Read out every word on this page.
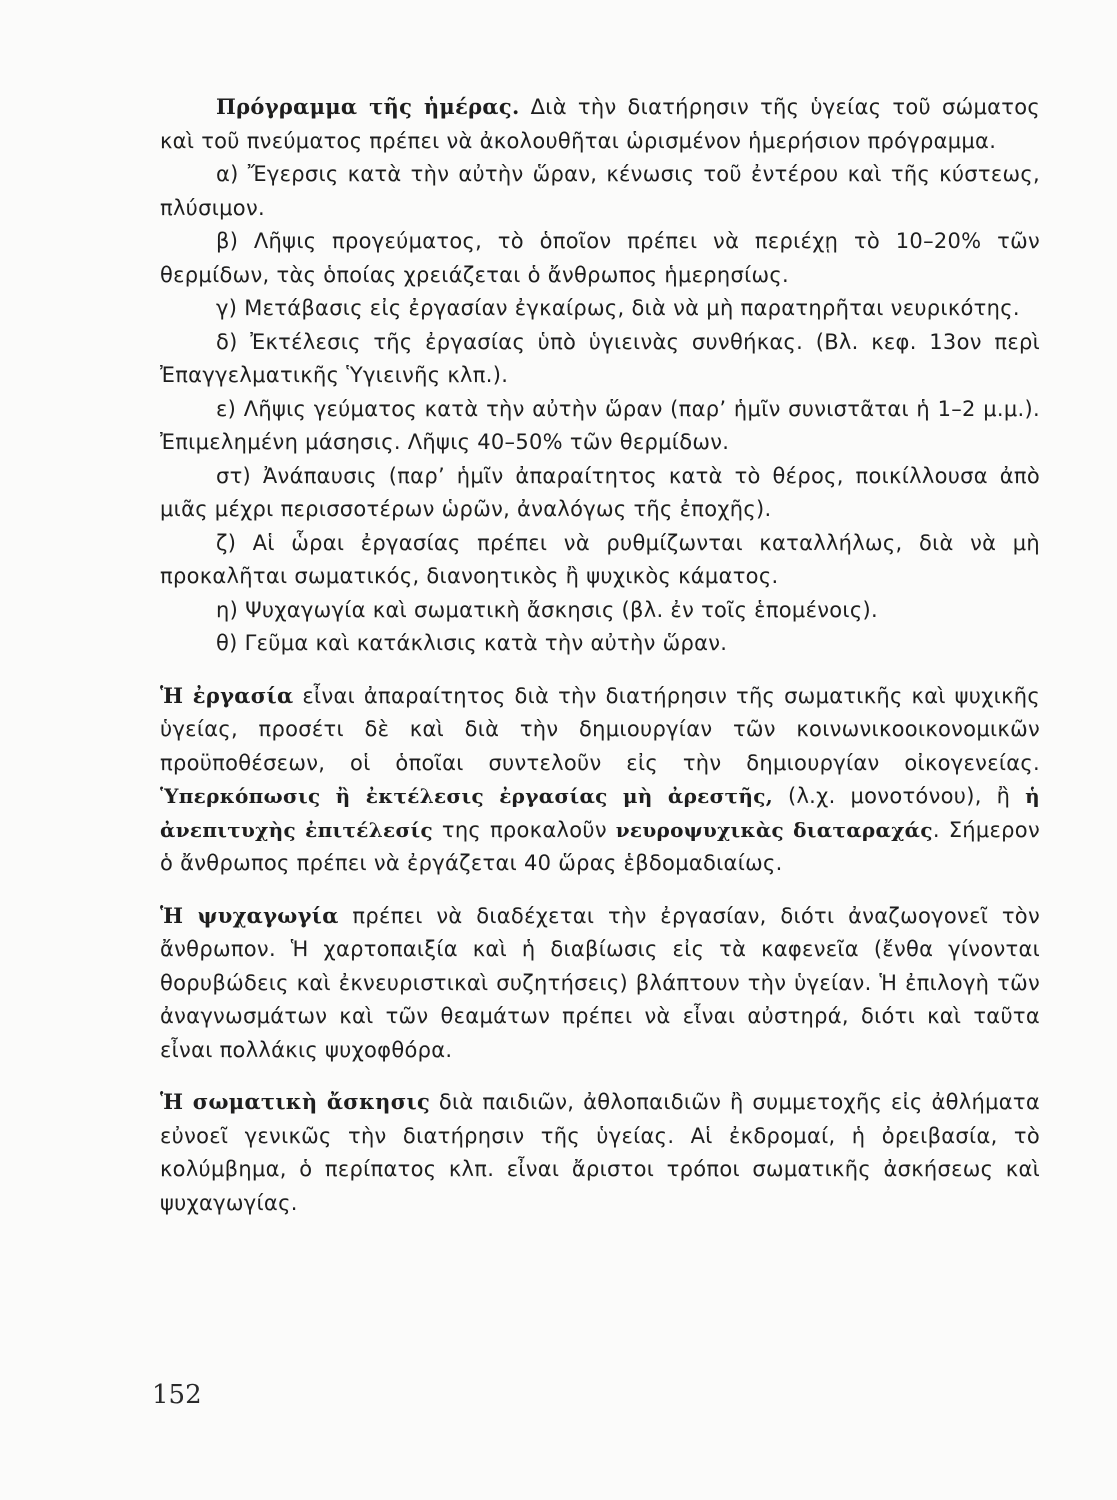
Πρόγραμμα τῆς ἡμέρας. Διὰ τὴν διατήρησιν τῆς ὑγείας τοῦ σώματος καὶ τοῦ πνεύματος πρέπει νὰ ἀκολουθῆται ὡρισμένον ἡμερήσιον πρόγραμμα.

α) Ἔγερσις κατὰ τὴν αὐτὴν ὥραν, κένωσις τοῦ ἐντέρου καὶ τῆς κύστεως, πλύσιμον.

β) Λῆψις προγεύματος, τὸ ὁποῖον πρέπει νὰ περιέχῃ τὸ 10–20% τῶν θερμίδων, τὰς ὁποίας χρειάζεται ὁ ἄνθρωπος ἡμερησίως.

γ) Μετάβασις εἰς ἐργασίαν ἐγκαίρως, διὰ νὰ μὴ παρατηρῆται νευρικότης.

δ) Ἐκτέλεσις τῆς ἐργασίας ὑπὸ ὑγιεινὰς συνθήκας. (Βλ. κεφ. 13ον περὶ Ἐπαγγελματικῆς Ὑγιεινῆς κλπ.).

ε) Λῆψις γεύματος κατὰ τὴν αὐτὴν ὥραν (παρ’ ἡμῖν συνιστᾶται ἡ 1–2 μ.μ.). Ἐπιμελημένη μάσησις. Λῆψις 40–50% τῶν θερμίδων.

στ) Ἀνάπαυσις (παρ’ ἡμῖν ἀπαραίτητος κατὰ τὸ θέρος, ποικίλλουσα ἀπὸ μιᾶς μέχρι περισσοτέρων ὡρῶν, ἀναλόγως τῆς ἐποχῆς).

ζ) Αἱ ὧραι ἐργασίας πρέπει νὰ ρυθμίζωνται καταλλήλως, διὰ νὰ μὴ προκαλῆται σωματικός, διανοητικὸς ἢ ψυχικὸς κάματος.

η) Ψυχαγωγία καὶ σωματικὴ ἄσκησις (βλ. ἐν τοῖς ἑπομένοις).

θ) Γεῦμα καὶ κατάκλισις κατὰ τὴν αὐτὴν ὥραν.

Ἡ ἐργασία εἶναι ἀπαραίτητος διὰ τὴν διατήρησιν τῆς σωματικῆς καὶ ψυχικῆς ὑγείας, προσέτι δὲ καὶ διὰ τὴν δημιουργίαν τῶν κοινωνικοοικονομικῶν προϋποθέσεων, οἱ ὁποῖαι συντελοῦν εἰς τὴν δημιουργίαν οἰκογενείας. Ὑπερκόπωσις ἢ ἐκτέλεσις ἐργασίας μὴ ἀρεστῆς, (λ.χ. μονοτόνου), ἢ ἡ ἀνεπιτυχὴς ἐπιτέλεσίς της προκαλοῦν νευροψυχικὰς διαταραχάς. Σήμερον ὁ ἄνθρωπος πρέπει νὰ ἐργάζεται 40 ὥρας ἑβδομαδιαίως.

Ἡ ψυχαγωγία πρέπει νὰ διαδέχεται τὴν ἐργασίαν, διότι ἀναζωογονεῖ τὸν ἄνθρωπον. Ἡ χαρτοπαιξία καὶ ἡ διαβίωσις εἰς τὰ καφενεῖα (ἔνθα γίνονται θορυβώδεις καὶ ἐκνευριστικαὶ συζητήσεις) βλάπτουν τὴν ὑγείαν. Ἡ ἐπιλογὴ τῶν ἀναγνωσμάτων καὶ τῶν θεαμάτων πρέπει νὰ εἶναι αὐστηρά, διότι καὶ ταῦτα εἶναι πολλάκις ψυχοφθόρα.

Ἡ σωματικὴ ἄσκησις διὰ παιδιῶν, ἀθλοπαιδιῶν ἢ συμμετοχῆς εἰς ἀθλήματα εὐνοεῖ γενικῶς τὴν διατήρησιν τῆς ὑγείας. Αἱ ἐκδρομαί, ἡ ὀρειβασία, τὸ κολύμβημα, ὁ περίπατος κλπ. εἶναι ἄριστοι τρόποι σωματικῆς ἀσκήσεως καὶ ψυχαγωγίας.

152
